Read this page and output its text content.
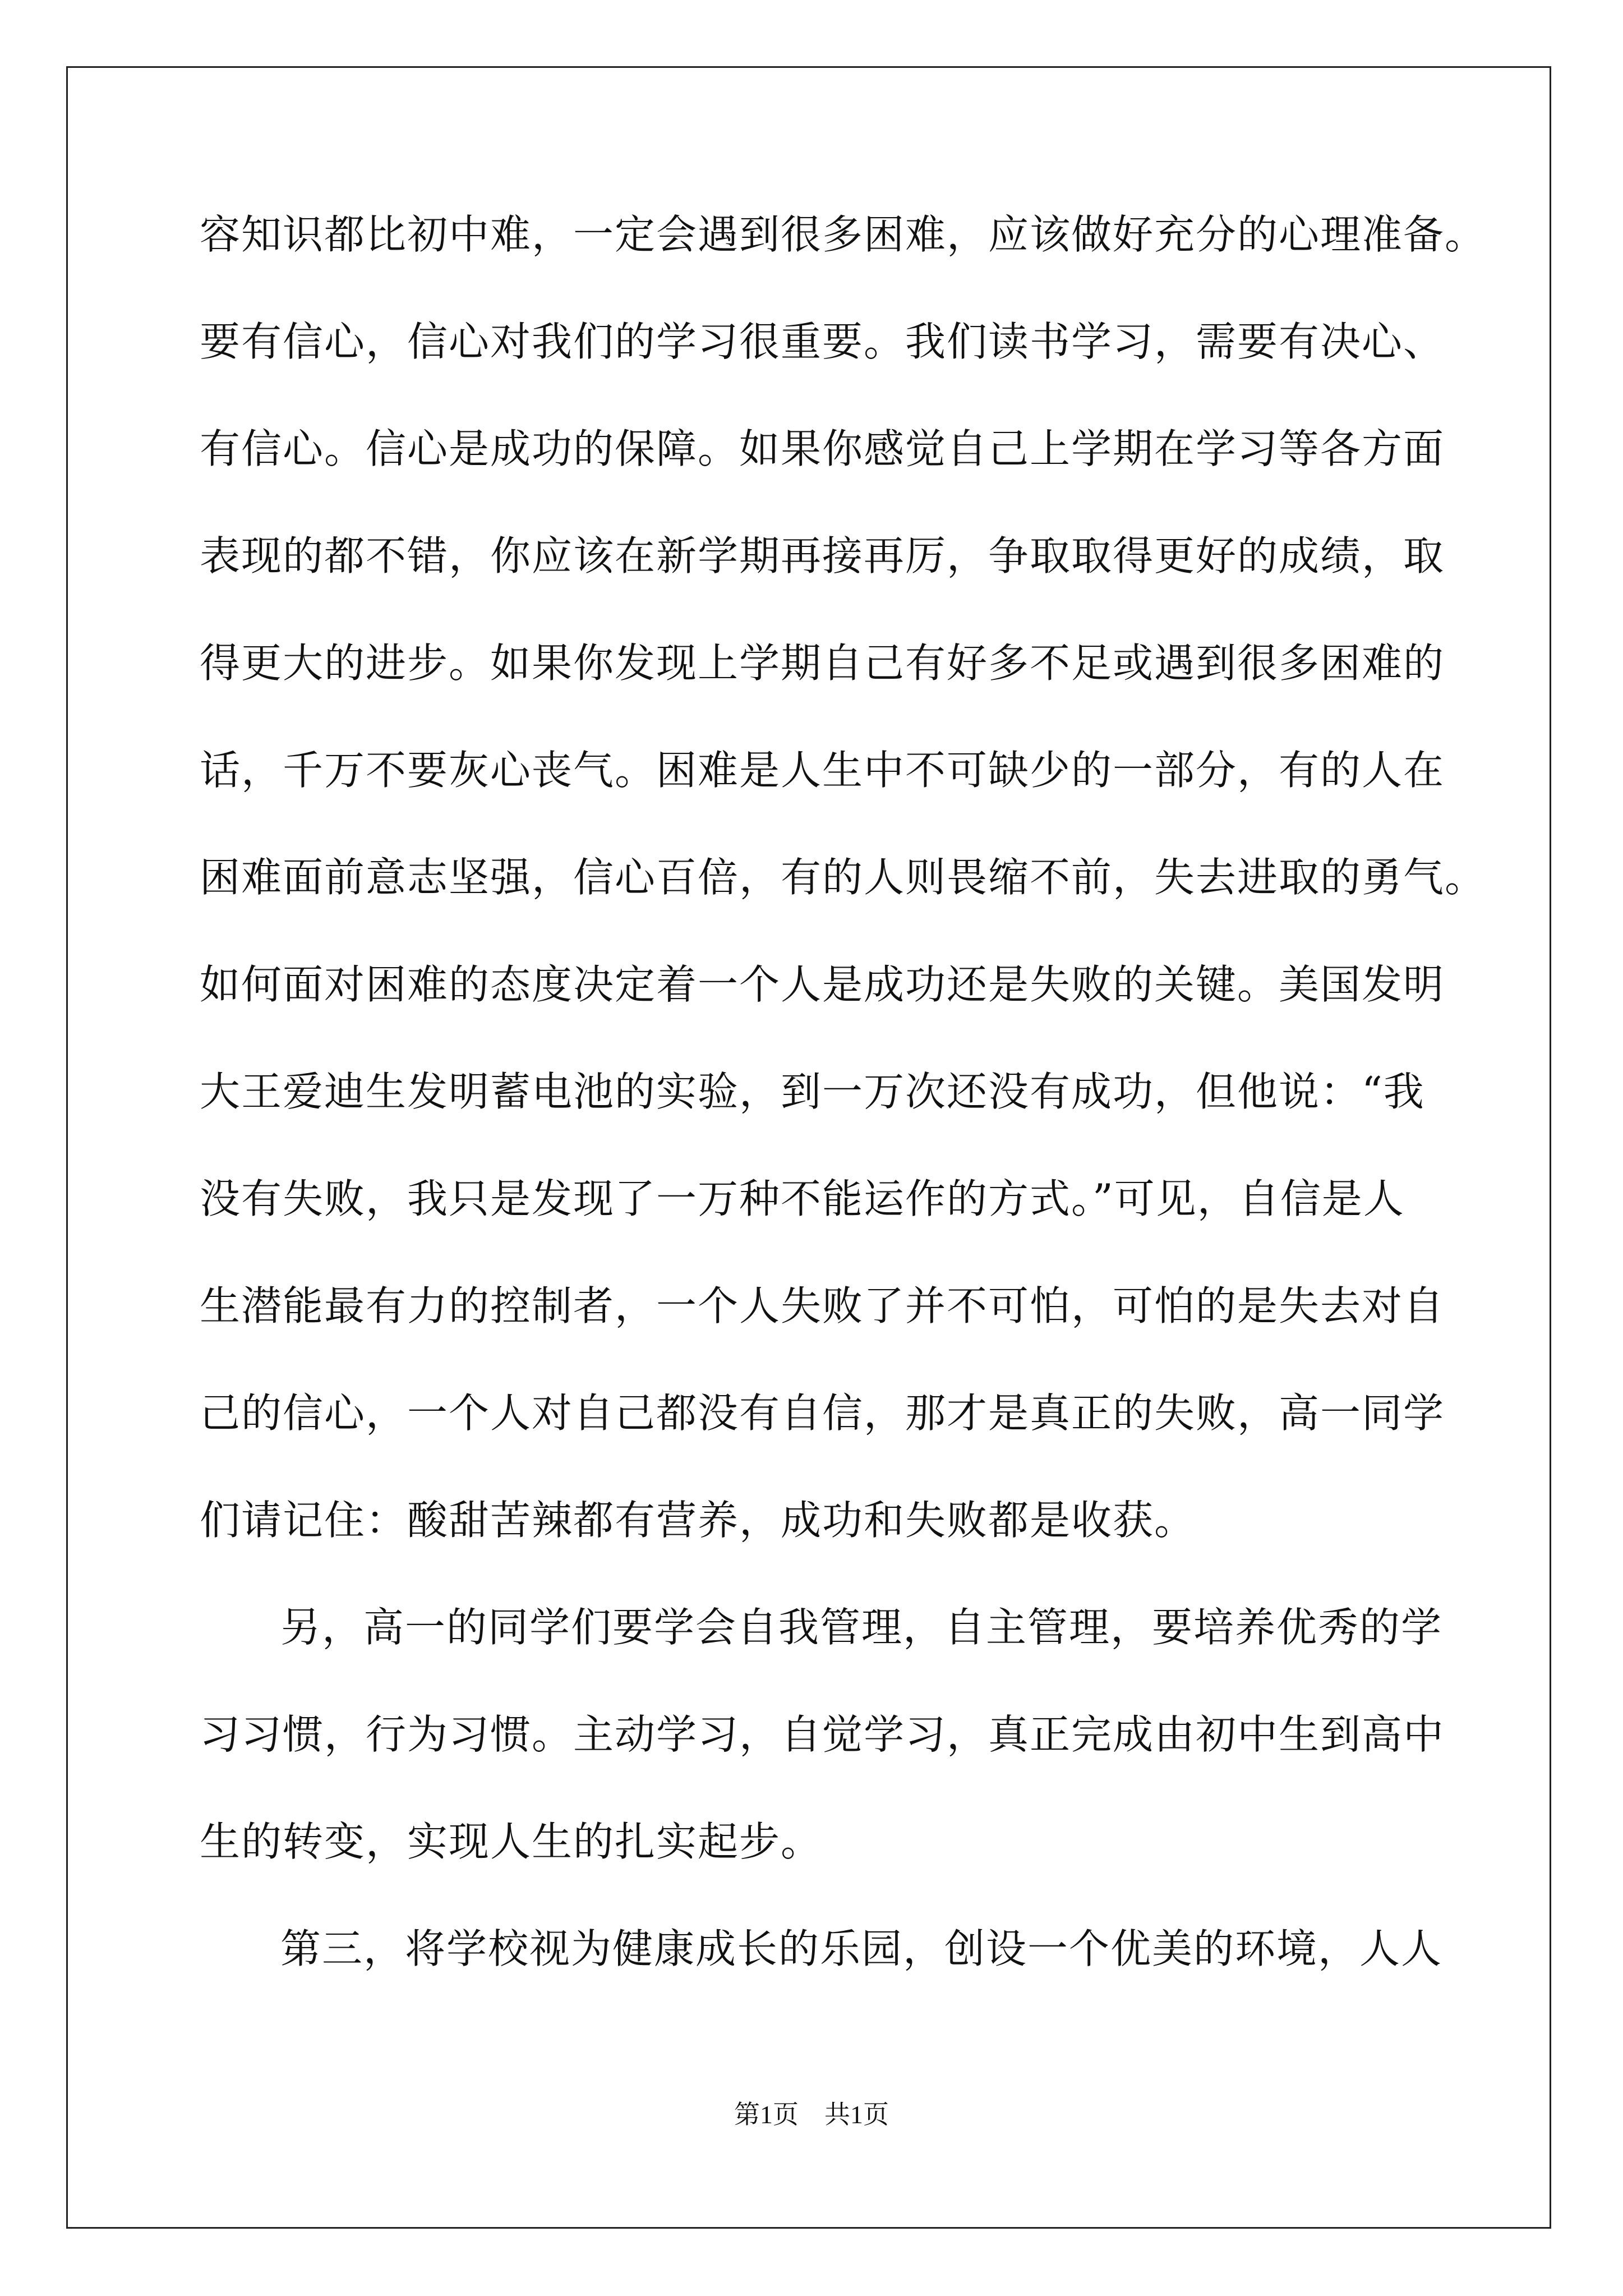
容知识都比初中难，一定会遇到很多困难，应该做好充分的心理准备。
要有信心，信心对我们的学习很重要。我们读书学习，需要有决心、
有信心。信心是成功的保障。如果你感觉自己上学期在学习等各方面
表现的都不错，你应该在新学期再接再厉，争取取得更好的成绩，取
得更大的进步。如果你发现上学期自己有好多不足或遇到很多困难的
话，千万不要灰心丧气。困难是人生中不可缺少的一部分，有的人在
困难面前意志坚强，信心百倍，有的人则畏缩不前，失去进取的勇气。
如何面对困难的态度决定着一个人是成功还是失败的关键。美国发明
大王爱迪生发明蓄电池的实验，到一万次还没有成功，但他说：“我
没有失败，我只是发现了一万种不能运作的方式。”可见，自信是人
生潜能最有力的控制者，一个人失败了并不可怕，可怕的是失去对自
己的信心，一个人对自己都没有自信，那才是真正的失败，高一同学
们请记住：酸甜苦辣都有营养，成功和失败都是收获。
另，高一的同学们要学会自我管理，自主管理，要培养优秀的学
习习惯，行为习惯。主动学习，自觉学习，真正完成由初中生到高中
生的转变，实现人生的扎实起步。
第三，将学校视为健康成长的乐园，创设一个优美的环境，人人
第1页　共1页
